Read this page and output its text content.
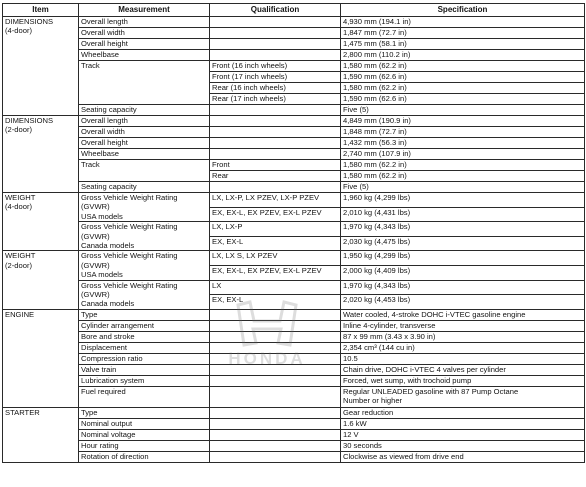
Item	Measurement	Qualification	Specification

DIMENSIONS
(4-door)	Overall length		4,930 mm (194.1 in)

	Overall width		1,847 mm (72.7 in)

	Overall height		1,475 mm (58.1 in)

	Wheelbase		2,800 mm (110.2 in)

	Track	Front (16 inch wheels)	1,580 mm (62.2 in)

		Front (17 inch wheels)	1,590 mm (62.6 in)

		Rear (16 inch wheels)	1,580 mm (62.2 in)

		Rear (17 inch wheels)	1,590 mm (62.6 in)

	Seating capacity		Five (5)

DIMENSIONS
(2-door)	Overall length		4,849 mm (190.9 in)

	Overall width		1,848 mm (72.7 in)

	Overall height		1,432 mm (56.3 in)

	Wheelbase		2,740 mm (107.9 in)

	Track	Front	1,580 mm (62.2 in)

		Rear	1,580 mm (62.2 in)

	Seating capacity		Five (5)

WEIGHT
(4-door)	Gross Vehicle Weight Rating
(GVWR)
USA models	LX, LX-P, LX PZEV, LX-P PZEV	1,960 kg (4,299 lbs)

		EX, EX-L, EX PZEV, EX-L PZEV	2,010 kg (4,431 lbs)

	Gross Vehicle Weight Rating
(GVWR)
Canada models	LX, LX-P	1,970 kg (4,343 lbs)

		EX, EX-L	2,030 kg (4,475 lbs)

WEIGHT
(2-door)	Gross Vehicle Weight Rating
(GVWR)
USA models	LX, LX S, LX PZEV	1,950 kg (4,299 lbs)

		EX, EX-L, EX PZEV, EX-L PZEV	2,000 kg (4,409 lbs)

	Gross Vehicle Weight Rating
(GVWR)
Canada models	LX	1,970 kg (4,343 lbs)

		EX, EX-L	2,020 kg (4,453 lbs)

ENGINE	Type		Water cooled, 4-stroke DOHC i-VTEC gasoline engine

	Cylinder arrangement		Inline 4-cylinder, transverse

	Bore and stroke		87 x 99 mm (3.43 x 3.90 in)

	Displacement		2,354 cm³ (144 cu in)

	Compression ratio		10.5

	Valve train		Chain drive, DOHC i-VTEC 4 valves per cylinder

	Lubrication system		Forced, wet sump, with trochoid pump

	Fuel required		Regular UNLEADED gasoline with 87 Pump Octane
Number or higher

STARTER	Type		Gear reduction

	Nominal output		1.6 kW

	Nominal voltage		12 V

	Hour rating		30 seconds

	Rotation of direction		Clockwise as viewed from drive end
HONDA
